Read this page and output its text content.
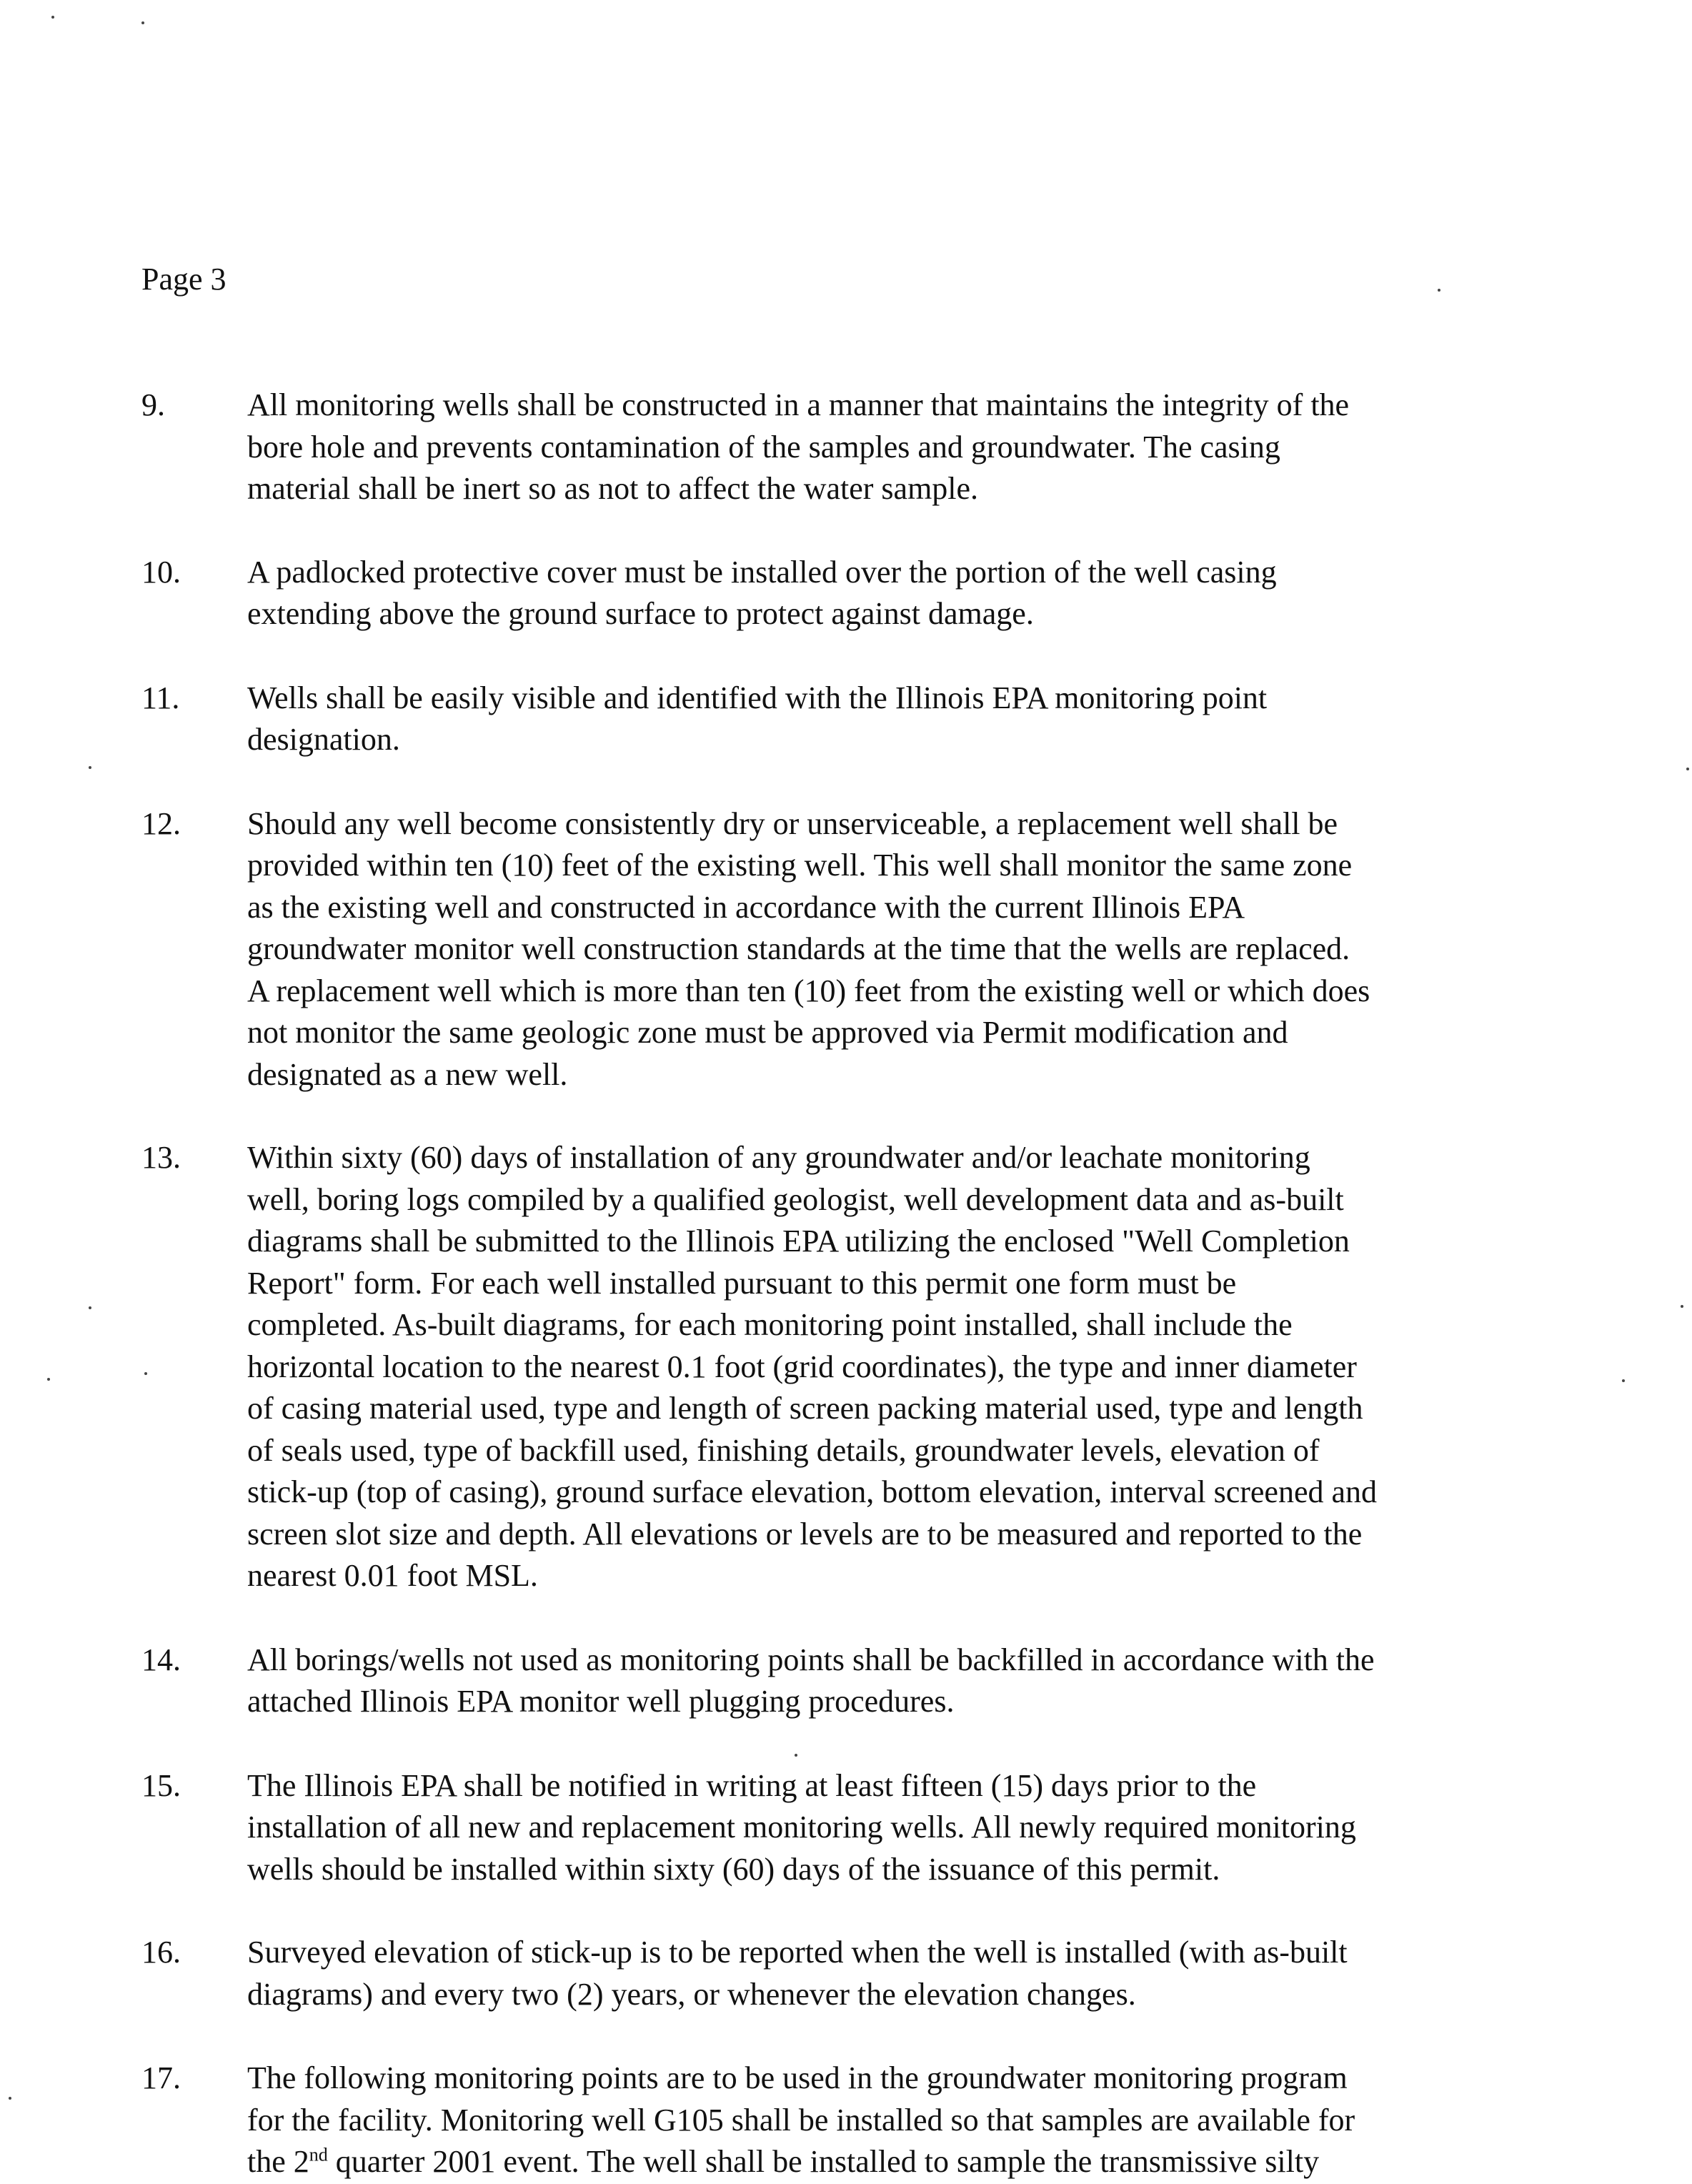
Page 3
9.	All monitoring wells shall be constructed in a manner that maintains the integrity of the
bore hole and prevents contamination of the samples and groundwater. The casing
material shall be inert so as not to affect the water sample.
10.	A padlocked protective cover must be installed over the portion of the well casing
extending above the ground surface to protect against damage.
11.	Wells shall be easily visible and identified with the Illinois EPA monitoring point
designation.
12.	Should any well become consistently dry or unserviceable, a replacement well shall be
provided within ten (10) feet of the existing well. This well shall monitor the same zone
as the existing well and constructed in accordance with the current Illinois EPA
groundwater monitor well construction standards at the time that the wells are replaced.
A replacement well which is more than ten (10) feet from the existing well or which does
not monitor the same geologic zone must be approved via Permit modification and
designated as a new well.
13.	Within sixty (60) days of installation of any groundwater and/or leachate monitoring
well, boring logs compiled by a qualified geologist, well development data and as-built
diagrams shall be submitted to the Illinois EPA utilizing the enclosed "Well Completion
Report" form. For each well installed pursuant to this permit one form must be
completed. As-built diagrams, for each monitoring point installed, shall include the
horizontal location to the nearest 0.1 foot (grid coordinates), the type and inner diameter
of casing material used, type and length of screen packing material used, type and length
of seals used, type of backfill used, finishing details, groundwater levels, elevation of
stick-up (top of casing), ground surface elevation, bottom elevation, interval screened and
screen slot size and depth. All elevations or levels are to be measured and reported to the
nearest 0.01 foot MSL.
14.	All borings/wells not used as monitoring points shall be backfilled in accordance with the
attached Illinois EPA monitor well plugging procedures.
15.	The Illinois EPA shall be notified in writing at least fifteen (15) days prior to the
installation of all new and replacement monitoring wells. All newly required monitoring
wells should be installed within sixty (60) days of the issuance of this permit.
16.	Surveyed elevation of stick-up is to be reported when the well is installed (with as-built
diagrams) and every two (2) years, or whenever the elevation changes.
17.	The following monitoring points are to be used in the groundwater monitoring program
for the facility. Monitoring well G105 shall be installed so that samples are available for
the 2nd quarter 2001 event. The well shall be installed to sample the transmissive silty
